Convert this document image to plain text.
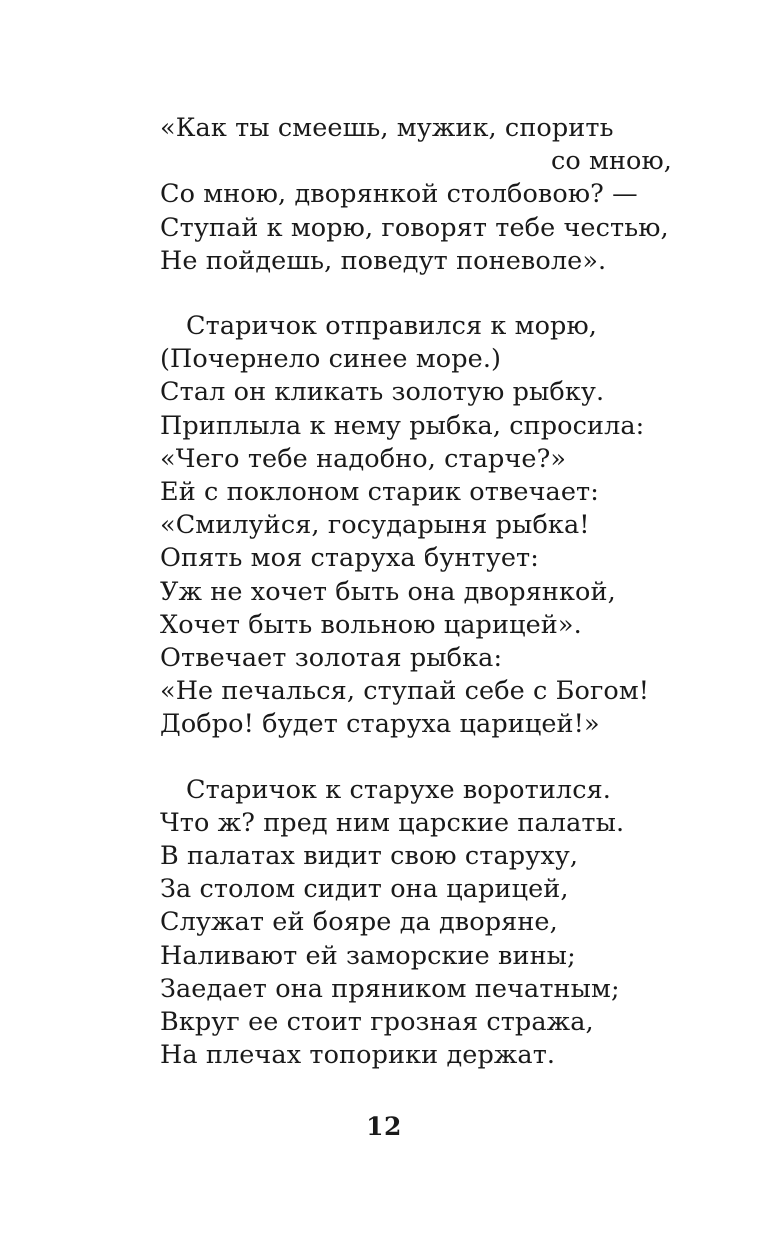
«Как ты смеешь, мужик, спорить
со мною,
Со мною, дворянкой столбовою? —
Ступай к морю, говорят тебе честью,
Не пойдешь, поведут поневоле».
Старичок отправился к морю,
(Почернело синее море.)
Стал он кликать золотую рыбку.
Приплыла к нему рыбка, спросила:
«Чего тебе надобно, старче?»
Ей с поклоном старик отвечает:
«Смилуйся, государыня рыбка!
Опять моя старуха бунтует:
Уж не хочет быть она дворянкой,
Хочет быть вольною царицей».
Отвечает золотая рыбка:
«Не печалься, ступай себе с Богом!
Добро! будет старуха царицей!»
Старичок к старухе воротился.
Что ж? пред ним царские палаты.
В палатах видит свою старуху,
За столом сидит она царицей,
Служат ей бояре да дворяне,
Наливают ей заморские вины;
Заедает она пряником печатным;
Вкруг ее стоит грозная стража,
На плечах топорики держат.
12
